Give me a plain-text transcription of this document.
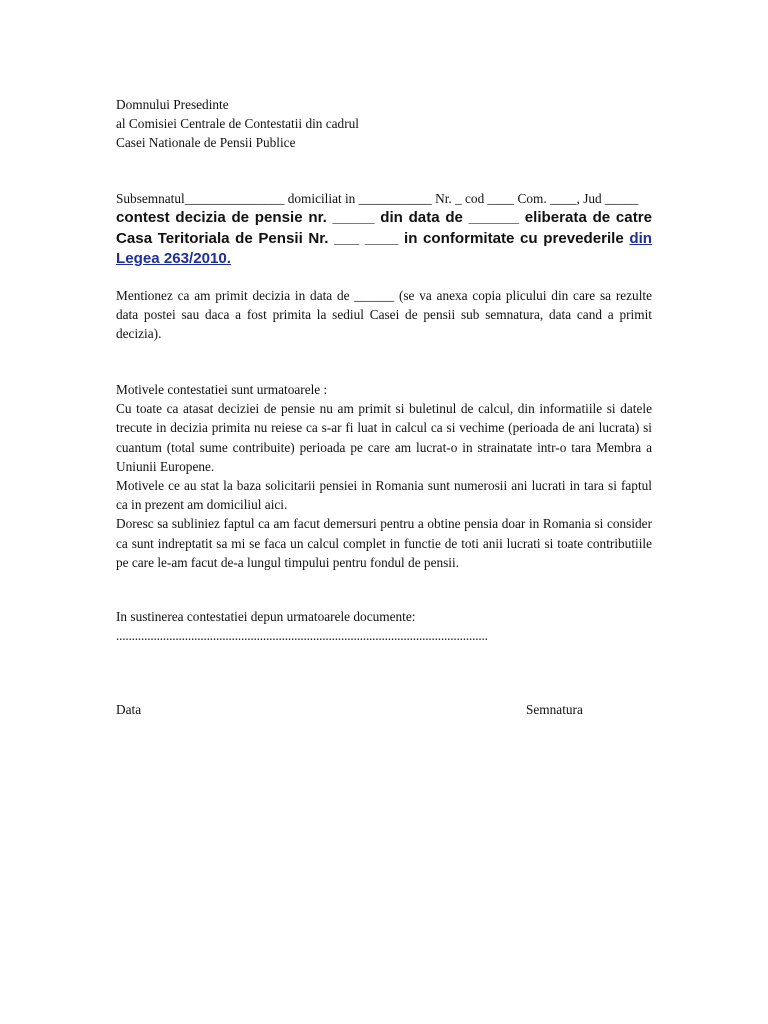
Domnului Presedinte
al Comisiei Centrale de Contestatii din cadrul
Casei Nationale de Pensii Publice
Subsemnatul_______________ domiciliat in ___________ Nr. _ cod ____ Com. ____, Jud _____
contest decizia de pensie nr. _____ din data de ______ eliberata de catre Casa Teritoriala de Pensii Nr. ___ ____ in conformitate cu prevederile din Legea 263/2010.
Mentionez ca am primit decizia in data de ______ (se va anexa copia plicului din care sa rezulte data postei sau daca a fost primita la sediul Casei de pensii sub semnatura, data cand a primit decizia).
Motivele contestatiei sunt urmatoarele :
Cu toate ca atasat deciziei de pensie nu am primit si buletinul de calcul, din informatiile si datele trecute in decizia primita nu reiese ca s-ar fi luat in calcul ca si vechime (perioada de ani lucrata) si cuantum (total sume contribuite) perioada pe care am lucrat-o in strainatate intr-o tara Membra a Uniunii Europene.
Motivele ce au stat la baza solicitarii pensiei in Romania sunt numerosii ani lucrati in tara si faptul ca in prezent am domiciliul aici.
Doresc sa subliniez faptul ca am facut demersuri pentru a obtine pensia doar in Romania si consider ca sunt indreptatit sa mi se faca un calcul complet in functie de toti anii lucrati si toate contributiile pe care le-am facut de-a lungul timpului pentru fondul de pensii.
In sustinerea contestatiei depun urmatoarele documente:
.......................................................................................................................
Data	Semnatura
